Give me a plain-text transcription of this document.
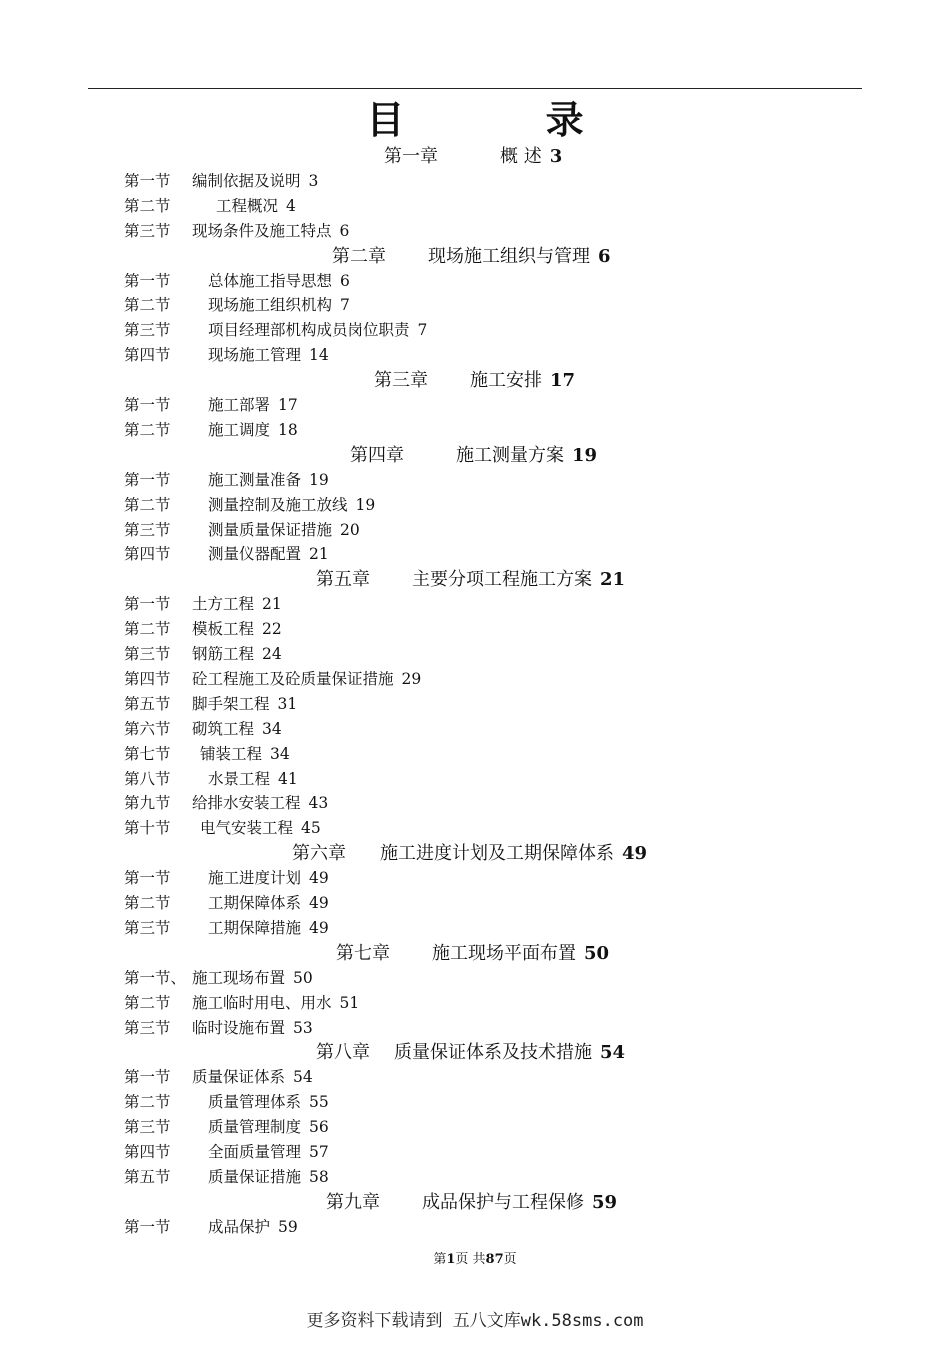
目 录
第一章	概 述 3
第一节 编制依据及说明 3
第二节	工程概况 4
第三节 现场条件及施工特点 6
第二章 现场施工组织与管理 6
第一节 总体施工指导思想 6
第二节 现场施工组织机构 7
第三节 项目经理部机构成员岗位职责 7
第四节 现场施工管理 14
第三章 施工安排 17
第一节 施工部署 17
第二节 施工调度 18
第四章	施工测量方案 19
第一节 施工测量准备 19
第二节 测量控制及施工放线 19
第三节 测量质量保证措施 20
第四节 测量仪器配置 21
第五章 主要分项工程施工方案 21
第一节 土方工程 21
第二节 模板工程 22
第三节 钢筋工程 24
第四节 砼工程施工及砼质量保证措施 29
第五节 脚手架工程 31
第六节 砌筑工程 34
第七节 铺装工程 34
第八节 水景工程 41
第九节 给排水安装工程 43
第十节 电气安装工程 45
第六章 施工进度计划及工期保障体系 49
第一节 施工进度计划 49
第二节 工期保障体系 49
第三节 工期保障措施 49
第七章 施工现场平面布置 50
第一节、 施工现场布置 50
第二节 施工临时用电、用水 51
第三节 临时设施布置 53
第八章 质量保证体系及技术措施 54
第一节 质量保证体系 54
第二节 质量管理体系 55
第三节 质量管理制度 56
第四节 全面质量管理 57
第五节 质量保证措施 58
第九章 成品保护与工程保修 59
第一节 成品保护 59
第1页 共87页
更多资料下载请到 五八文库wk.58sms.com
